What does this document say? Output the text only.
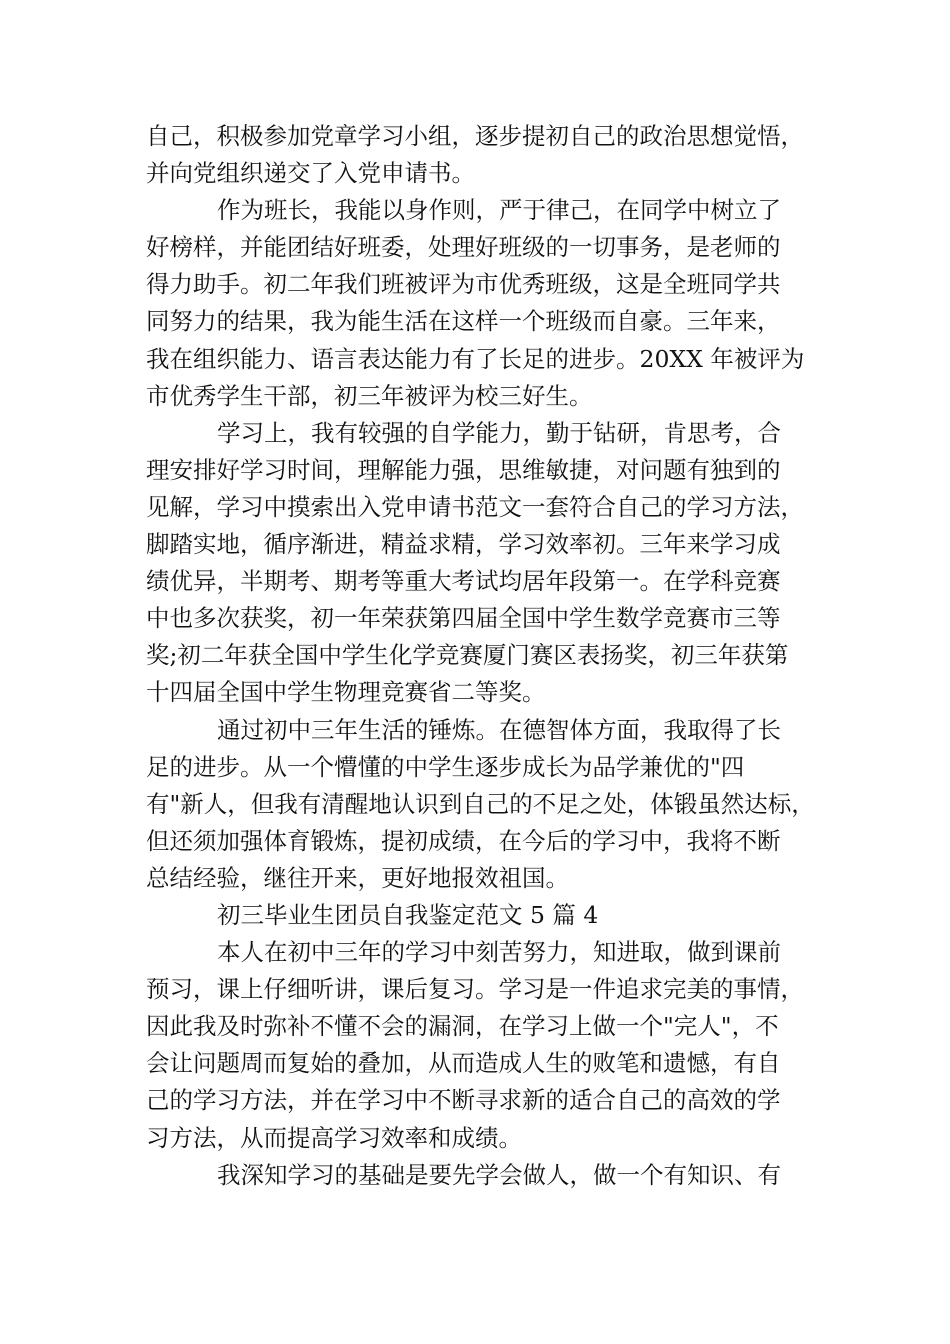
自己，积极参加党章学习小组，逐步提初自己的政治思想觉悟，
并向党组织递交了入党申请书。
作为班长，我能以身作则，严于律己，在同学中树立了
好榜样，并能团结好班委，处理好班级的一切事务，是老师的
得力助手。初二年我们班被评为市优秀班级，这是全班同学共
同努力的结果，我为能生活在这样一个班级而自豪。三年来，
我在组织能力、语言表达能力有了长足的进步。20XX 年被评为
市优秀学生干部，初三年被评为校三好生。
学习上，我有较强的自学能力，勤于钻研，肯思考，合
理安排好学习时间，理解能力强，思维敏捷，对问题有独到的
见解，学习中摸索出入党申请书范文一套符合自己的学习方法，
脚踏实地，循序渐进，精益求精，学习效率初。三年来学习成
绩优异，半期考、期考等重大考试均居年段第一。在学科竞赛
中也多次获奖，初一年荣获第四届全国中学生数学竞赛市三等
奖;初二年获全国中学生化学竞赛厦门赛区表扬奖，初三年获第
十四届全国中学生物理竞赛省二等奖。
通过初中三年生活的锤炼。在德智体方面，我取得了长
足的进步。从一个懵懂的中学生逐步成长为品学兼优的"四
有"新人，但我有清醒地认识到自己的不足之处，体锻虽然达标，
但还须加强体育锻炼，提初成绩，在今后的学习中，我将不断
总结经验，继往开来，更好地报效祖国。
初三毕业生团员自我鉴定范文 5 篇 4
本人在初中三年的学习中刻苦努力，知进取，做到课前
预习，课上仔细听讲，课后复习。学习是一件追求完美的事情，
因此我及时弥补不懂不会的漏洞，在学习上做一个"完人"，不
会让问题周而复始的叠加，从而造成人生的败笔和遗憾，有自
己的学习方法，并在学习中不断寻求新的适合自己的高效的学
习方法，从而提高学习效率和成绩。
我深知学习的基础是要先学会做人，做一个有知识、有
